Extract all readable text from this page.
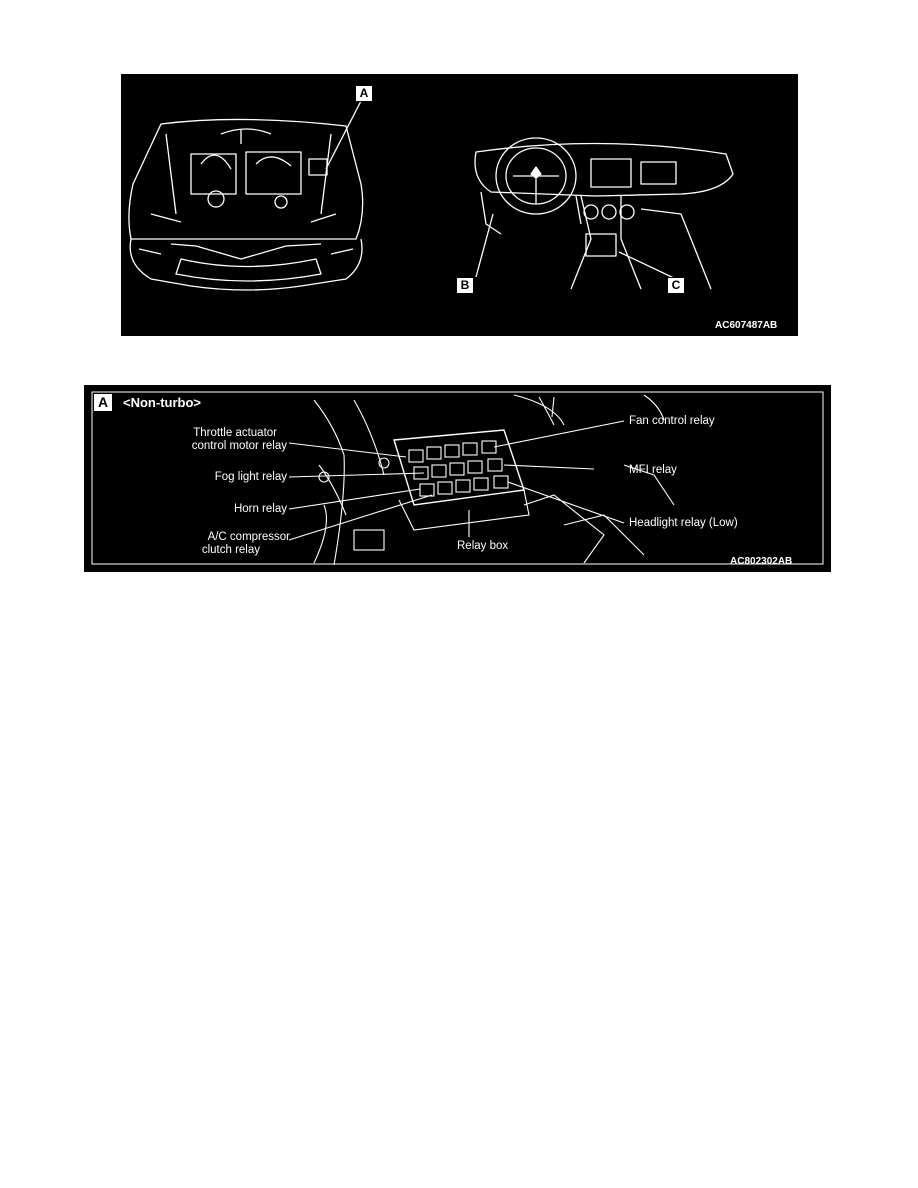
A
B	C
AC607487AB
A	<Non-turbo>
Throttle actuator
control motor relay
Fog light relay
Horn relay
A/C compressor
clutch relay
Fan control relay
MFI relay
Headlight relay (Low)
Relay box
AC802302AB
